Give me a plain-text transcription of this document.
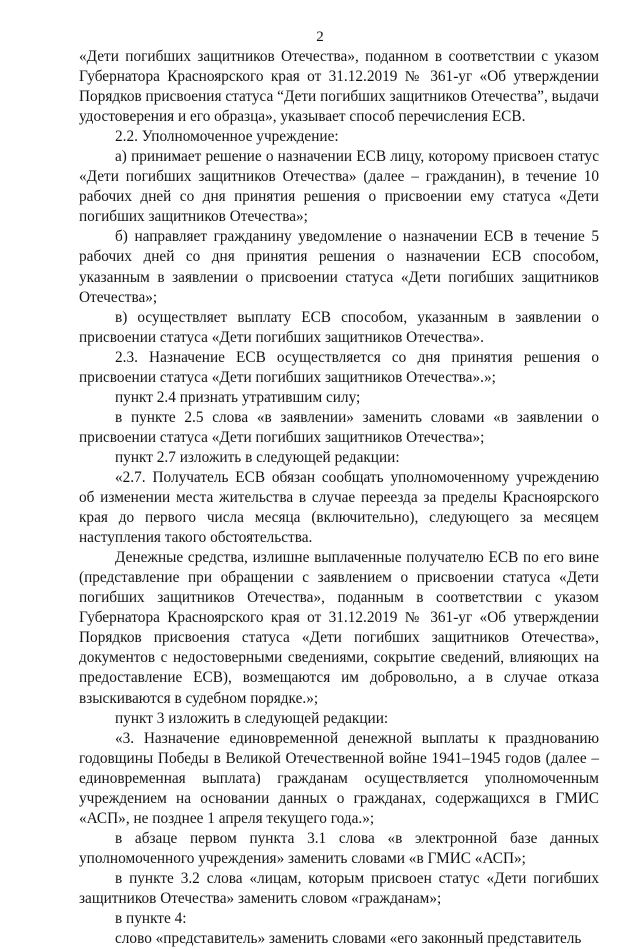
2

«Дети погибших защитников Отечества», поданном в соответствии с указом Губернатора Красноярского края от 31.12.2019 № 361-уг «Об утверждении Порядков присвоения статуса “Дети погибших защитников Отечества”, выдачи удостоверения и его образца», указывает способ перечисления ЕСВ.

2.2. Уполномоченное учреждение:

а) принимает решение о назначении ЕСВ лицу, которому присвоен статус «Дети погибших защитников Отечества» (далее – гражданин), в течение 10 рабочих дней со дня принятия решения о присвоении ему статуса «Дети погибших защитников Отечества»;

б) направляет гражданину уведомление о назначении ЕСВ в течение 5 рабочих дней со дня принятия решения о назначении ЕСВ способом, указанным в заявлении о присвоении статуса «Дети погибших защитников Отечества»;

в) осуществляет выплату ЕСВ способом, указанным в заявлении о присвоении статуса «Дети погибших защитников Отечества».

2.3. Назначение ЕСВ осуществляется со дня принятия решения о присвоении статуса «Дети погибших защитников Отечества».»;

пункт 2.4 признать утратившим силу;

в пункте 2.5 слова «в заявлении» заменить словами «в заявлении о присвоении статуса «Дети погибших защитников Отечества»;

пункт 2.7 изложить в следующей редакции:

«2.7. Получатель ЕСВ обязан сообщать уполномоченному учреждению об изменении места жительства в случае переезда за пределы Красноярского края до первого числа месяца (включительно), следующего за месяцем наступления такого обстоятельства.

Денежные средства, излишне выплаченные получателю ЕСВ по его вине (представление при обращении с заявлением о присвоении статуса «Дети погибших защитников Отечества», поданным в соответствии с указом Губернатора Красноярского края от 31.12.2019 № 361-уг «Об утверждении Порядков присвоения статуса «Дети погибших защитников Отечества», документов с недостоверными сведениями, сокрытие сведений, влияющих на предоставление ЕСВ), возмещаются им добровольно, а в случае отказа взыскиваются в судебном порядке.»;

пункт 3 изложить в следующей редакции:

«3. Назначение единовременной денежной выплаты к празднованию годовщины Победы в Великой Отечественной войне 1941–1945 годов (далее – единовременная выплата) гражданам осуществляется уполномоченным учреждением на основании данных о гражданах, содержащихся в ГМИС «АСП», не позднее 1 апреля текущего года.»;

в абзаце первом пункта 3.1 слова «в электронной базе данных уполномоченного учреждения» заменить словами «в ГМИС «АСП»;

в пункте 3.2 слова «лицам, которым присвоен статус «Дети погибших защитников Отечества» заменить словом «гражданам»;

в пункте 4:

слово «представитель» заменить словами «его законный представитель
